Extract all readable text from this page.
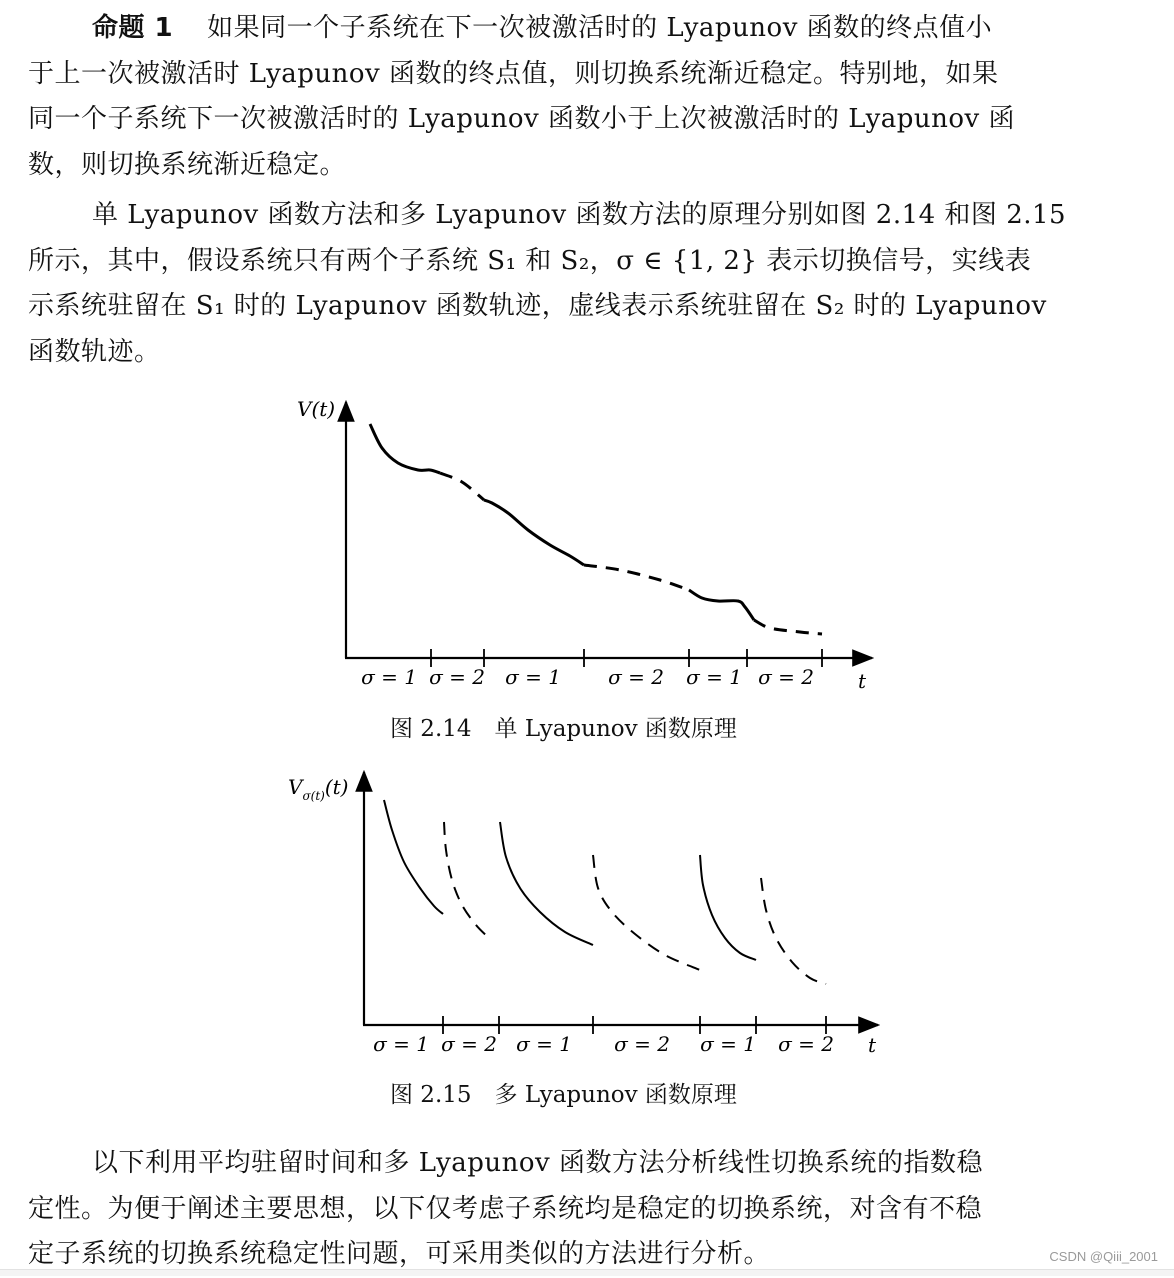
命题 1 如果同一个子系统在下一次被激活时的 Lyapunov 函数的终点值小
于上一次被激活时 Lyapunov 函数的终点值，则切换系统渐近稳定。特别地，如果
同一个子系统下一次被激活时的 Lyapunov 函数小于上次被激活时的 Lyapunov 函
数，则切换系统渐近稳定。
单 Lyapunov 函数方法和多 Lyapunov 函数方法的原理分别如图 2.14 和图 2.15
所示，其中，假设系统只有两个子系统 S₁ 和 S₂，σ ∈ {1, 2} 表示切换信号，实线表
示系统驻留在 S₁ 时的 Lyapunov 函数轨迹，虚线表示系统驻留在 S₂ 时的 Lyapunov
函数轨迹。
V(t)
t
σ = 1 σ = 2 σ = 1 σ = 2 σ = 1 σ = 2
$V_{\sigma(t)}(t)$
t
σ = 1 σ = 2 σ = 1 σ = 2 σ = 1 σ = 2
图 2.14　单 Lyapunov 函数原理
图 2.15　多 Lyapunov 函数原理
以下利用平均驻留时间和多 Lyapunov 函数方法分析线性切换系统的指数稳
定性。为便于阐述主要思想，以下仅考虑子系统均是稳定的切换系统，对含有不稳
定子系统的切换系统稳定性问题，可采用类似的方法进行分析。	CSDN @Qiii_2001
